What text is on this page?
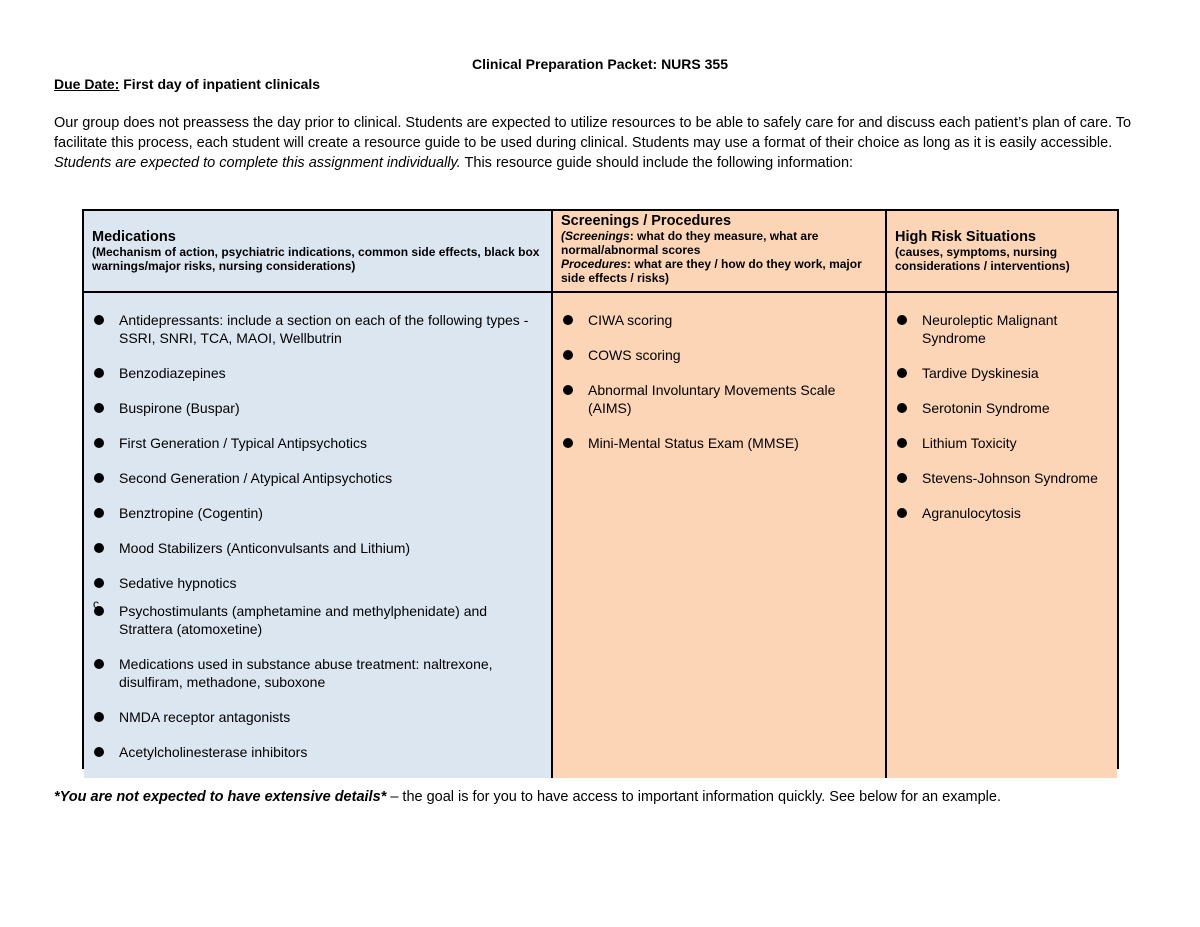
Clinical Preparation Packet: NURS 355
Due Date: First day of inpatient clinicals
Our group does not preassess the day prior to clinical. Students are expected to utilize resources to be able to safely care for and discuss each patient’s plan of care. To facilitate this process, each student will create a resource guide to be used during clinical. Students may use a format of their choice as long as it is easily accessible. Students are expected to complete this assignment individually. This resource guide should include the following information:
Medications
(Mechanism of action, psychiatric indications, common side effects, black box warnings/major risks, nursing considerations)
Screenings / Procedures
(Screenings: what do they measure, what are normal/abnormal scores
Procedures: what are they / how do they work, major side effects / risks)
High Risk Situations
(causes, symptoms, nursing considerations / interventions)
Antidepressants: include a section on each of the following types - SSRI, SNRI, TCA, MAOI, Wellbutrin
Benzodiazepines
Buspirone (Buspar)
First Generation / Typical Antipsychotics
Second Generation / Atypical Antipsychotics
Benztropine (Cogentin)
Mood Stabilizers (Anticonvulsants and Lithium)
Sedative hypnotics
Psychostimulants (amphetamine and methylphenidate) and Strattera (atomoxetine)
Medications used in substance abuse treatment: naltrexone, disulfiram, methadone, suboxone
NMDA receptor antagonists
Acetylcholinesterase inhibitors
c
CIWA scoring
COWS scoring
Abnormal Involuntary Movements Scale (AIMS)
Mini-Mental Status Exam (MMSE)
Neuroleptic Malignant Syndrome
Tardive Dyskinesia
Serotonin Syndrome
Lithium Toxicity
Stevens-Johnson Syndrome
Agranulocytosis
*You are not expected to have extensive details* – the goal is for you to have access to important information quickly. See below for an example.
